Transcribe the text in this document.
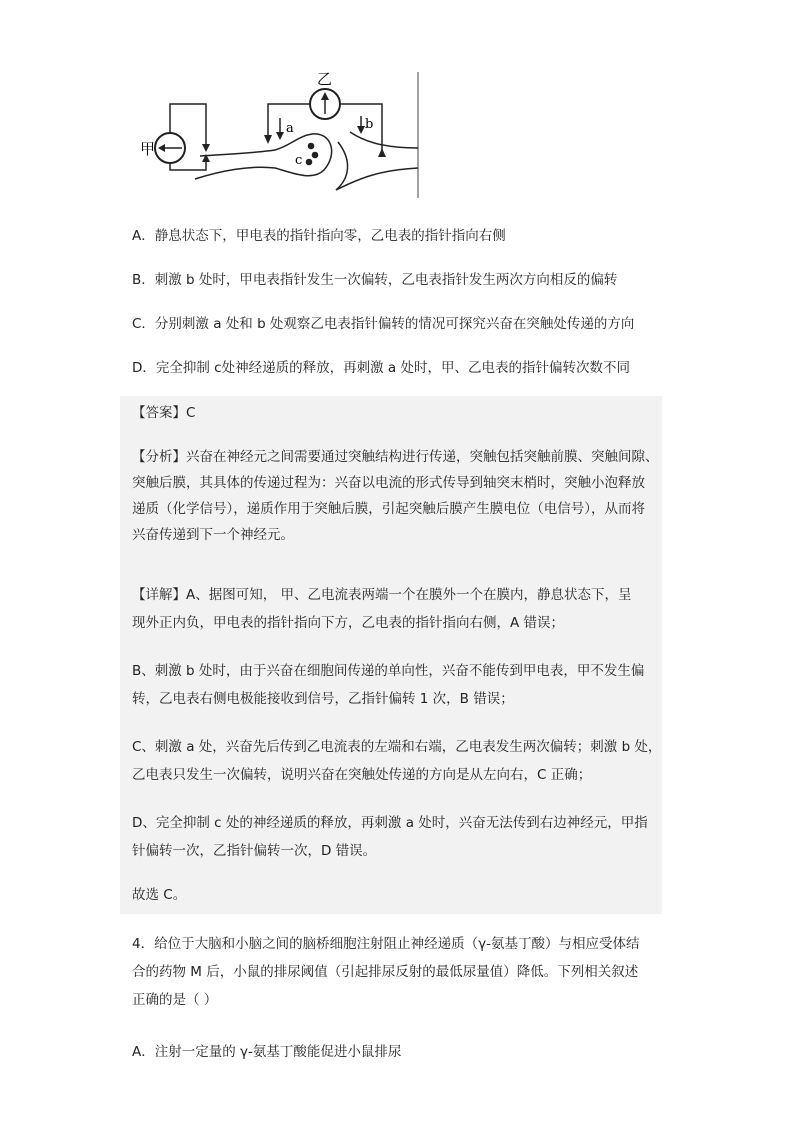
甲
乙
a	b
c
A．静息状态下，甲电表的指针指向零，乙电表的指针指向右侧
B．刺激 b 处时，甲电表指针发生一次偏转，乙电表指针发生两次方向相反的偏转
C．分别刺激 a 处和 b 处观察乙电表指针偏转的情况可探究兴奋在突触处传递的方向
D．完全抑制 c处神经递质的释放，再刺激 a 处时，甲、乙电表的指针偏转次数不同
【答案】C
【分析】兴奋在神经元之间需要通过突触结构进行传递，突触包括突触前膜、突触间隙、
突触后膜，其具体的传递过程为：兴奋以电流的形式传导到轴突末梢时，突触小泡释放
递质（化学信号），递质作用于突触后膜，引起突触后膜产生膜电位（电信号），从而将
兴奋传递到下一个神经元。
【详解】A、据图可知， 甲、乙电流表两端一个在膜外一个在膜内，静息状态下，呈
现外正内负，甲电表的指针指向下方，乙电表的指针指向右侧，A 错误；
B、刺激 b 处时，由于兴奋在细胞间传递的单向性，兴奋不能传到甲电表，甲不发生偏
转，乙电表右侧电极能接收到信号，乙指针偏转 1 次，B 错误；
C、刺激 a 处，兴奋先后传到乙电流表的左端和右端，乙电表发生两次偏转；刺激 b 处，
乙电表只发生一次偏转，说明兴奋在突触处传递的方向是从左向右，C 正确；
D、完全抑制 c 处的神经递质的释放，再刺激 a 处时，兴奋无法传到右边神经元，甲指
针偏转一次，乙指针偏转一次，D 错误。
故选 C。
4．给位于大脑和小脑之间的脑桥细胞注射阻止神经递质（γ-氨基丁酸）与相应受体结
合的药物 M 后，小鼠的排尿阈值（引起排尿反射的最低尿量值）降低。下列相关叙述
正确的是（ ）
A．注射一定量的 γ-氨基丁酸能促进小鼠排尿
